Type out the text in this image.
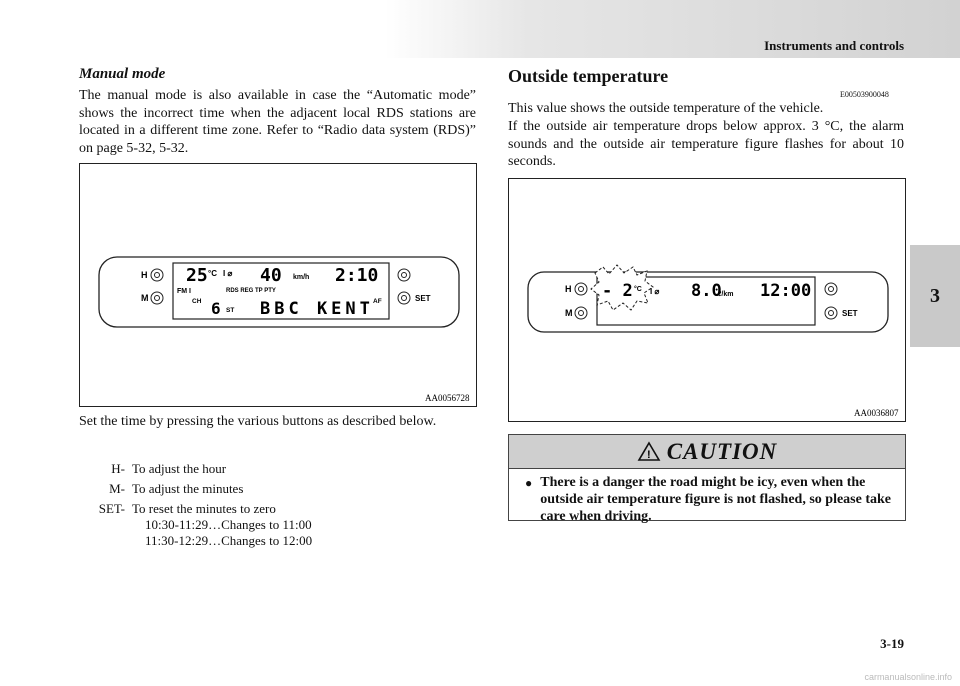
Instruments and controls
3
Manual mode

The manual mode is also available in case the “Automatic mode” shows the incorrect time when the adjacent local RDS stations are located in a different time zone. Refer to “Radio data system (RDS)” on page 5-32, 5-32.

H
M	SET
25 °C I ⌀ 40 km/h 2:10
FM I	RDS REG TP PTY
CH 6 ST BBC KENT AF
AA0056728

Set the time by pressing the various buttons as described below.

H- To adjust the hour
M- To adjust the minutes
SET- To reset the minutes to zero
10:30-11:29…Changes to 11:00
11:30-12:29…Changes to 12:00
Outside temperature
E00503900048

This value shows the outside temperature of the vehicle.

If the outside air temperature drops below approx. 3 °C, the alarm sounds and the outside air temperature figure flashes for about 10 seconds.

H
M	SET
- 2 °C I ⌀ 8.0
ℓ/km 12:00
AA0036807
! CAUTION
● There is a danger the road might be icy, even when the outside air temperature figure is not flashed, so please take care when driving.
3-19
carmanualsonline.info
